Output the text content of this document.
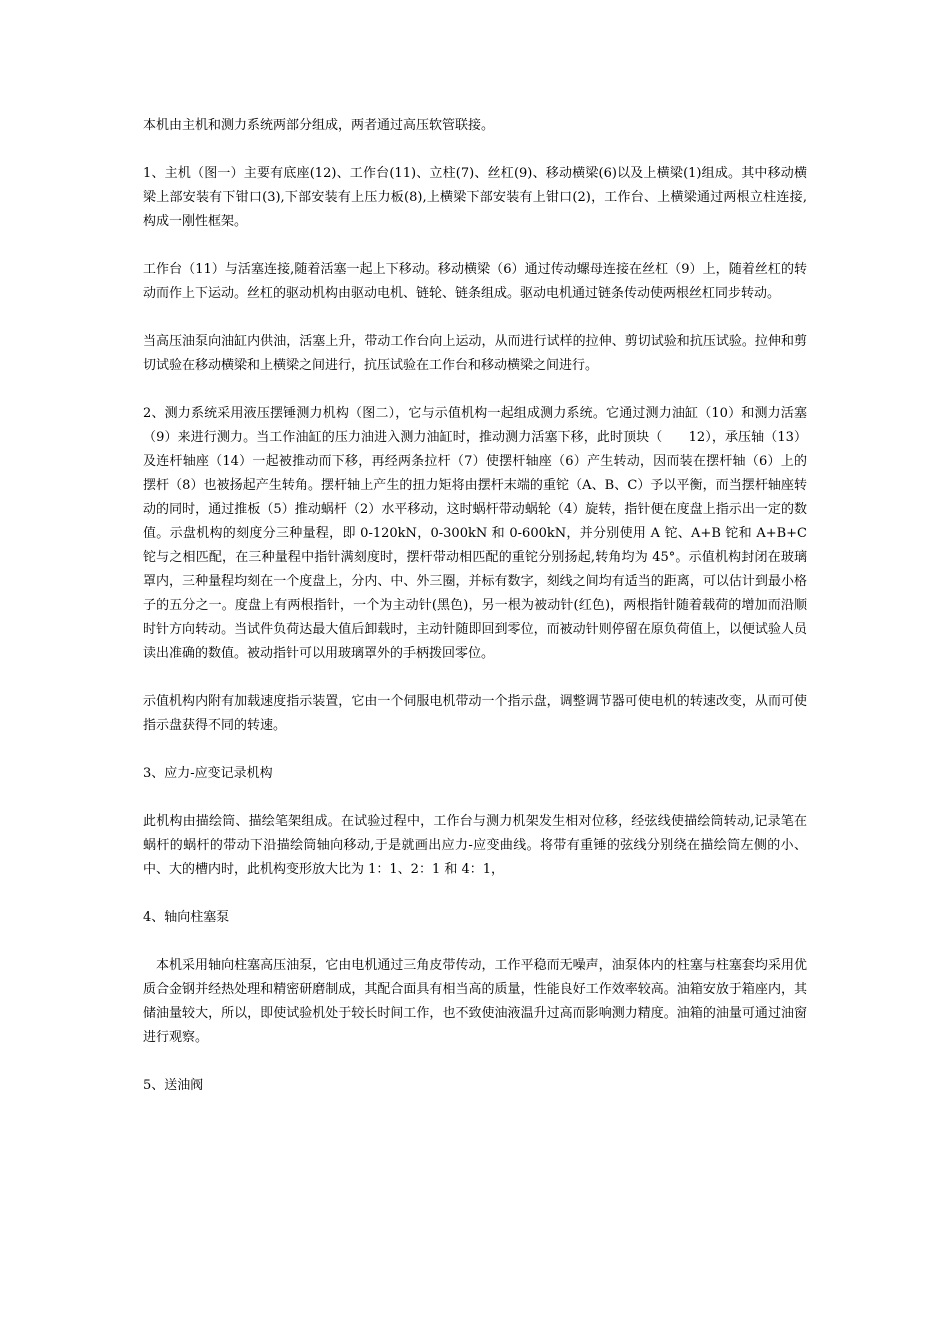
本机由主机和测力系统两部分组成，两者通过高压软管联接。

1、主机（图一）主要有底座(12)、工作台(11)、立柱(7)、丝杠(9)、移动横梁(6)以及上横梁(1)组成。其中移动横梁上部安装有下钳口(3),下部安装有上压力板(8),上横梁下部安装有上钳口(2)，工作台、上横梁通过两根立柱连接,构成一刚性框架。

工作台（11）与活塞连接,随着活塞一起上下移动。移动横梁（6）通过传动螺母连接在丝杠（9）上，随着丝杠的转动而作上下运动。丝杠的驱动机构由驱动电机、链轮、链条组成。驱动电机通过链条传动使两根丝杠同步转动。

当高压油泵向油缸内供油，活塞上升，带动工作台向上运动，从而进行试样的拉伸、剪切试验和抗压试验。拉伸和剪切试验在移动横梁和上横梁之间进行，抗压试验在工作台和移动横梁之间进行。

2、测力系统采用液压摆锤测力机构（图二），它与示值机构一起组成测力系统。它通过测力油缸（10）和测力活塞（9）来进行测力。当工作油缸的压力油进入测力油缸时，推动测力活塞下移，此时顶块（　　12），承压轴（13）及连杆轴座（14）一起被推动而下移，再经两条拉杆（7）使摆杆轴座（6）产生转动，因而装在摆杆轴（6）上的摆杆（8）也被扬起产生转角。摆杆轴上产生的扭力矩将由摆杆末端的重铊（A、B、C）予以平衡，而当摆杆轴座转动的同时，通过推板（5）推动蜗杆（2）水平移动，这时蜗杆带动蜗轮（4）旋转，指针便在度盘上指示出一定的数值。示盘机构的刻度分三种量程，即 0-120kN，0-300kN 和 0-600kN，并分别使用 A 铊、A+B 铊和 A+B+C 铊与之相匹配，在三种量程中指针满刻度时，摆杆带动相匹配的重铊分别扬起,转角均为 45°。示值机构封闭在玻璃罩内，三种量程均刻在一个度盘上，分内、中、外三圈，并标有数字，刻线之间均有适当的距离，可以估计到最小格子的五分之一。度盘上有两根指针，一个为主动针(黑色)，另一根为被动针(红色)，两根指针随着载荷的增加而沿顺时针方向转动。当试件负荷达最大值后卸载时，主动针随即回到零位，而被动针则停留在原负荷值上，以便试验人员读出准确的数值。被动指针可以用玻璃罩外的手柄拨回零位。

示值机构内附有加载速度指示装置，它由一个伺服电机带动一个指示盘，调整调节器可使电机的转速改变，从而可使指示盘获得不同的转速。

3、应力-应变记录机构

此机构由描绘筒、描绘笔架组成。在试验过程中，工作台与测力机架发生相对位移，经弦线使描绘筒转动,记录笔在蜗杆的蜗杆的带动下沿描绘筒轴向移动,于是就画出应力-应变曲线。将带有重锤的弦线分别绕在描绘筒左侧的小、中、大的槽内时，此机构变形放大比为 1：1、2：1 和 4：1，

4、轴向柱塞泵

本机采用轴向柱塞高压油泵，它由电机通过三角皮带传动，工作平稳而无噪声，油泵体内的柱塞与柱塞套均采用优质合金钢并经热处理和精密研磨制成，其配合面具有相当高的质量，性能良好工作效率较高。油箱安放于箱座内，其储油量较大，所以，即使试验机处于较长时间工作，也不致使油液温升过高而影响测力精度。油箱的油量可通过油窗进行观察。

5、送油阀
